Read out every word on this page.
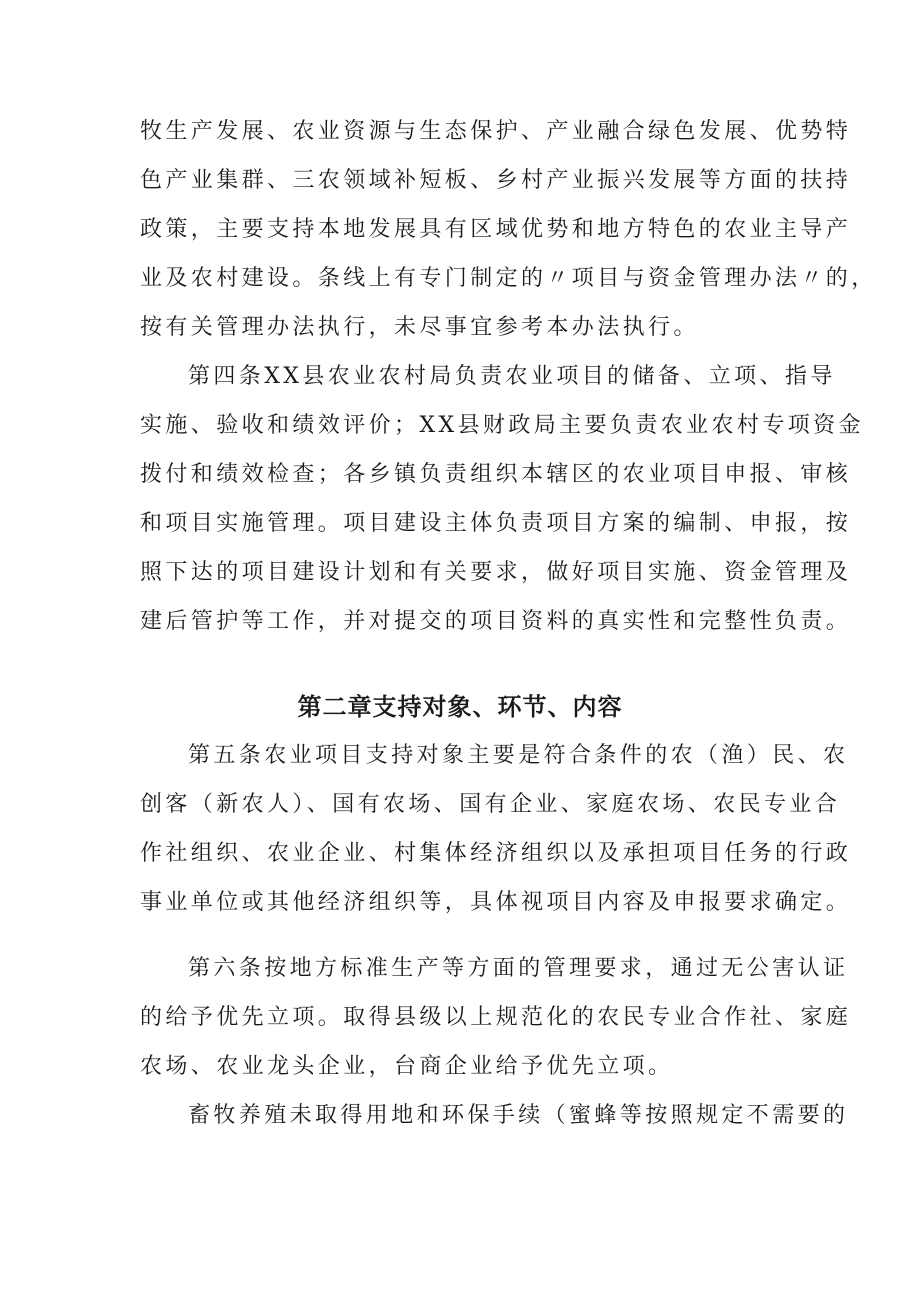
牧生产发展、农业资源与生态保护、产业融合绿色发展、优势特
色产业集群、三农领域补短板、乡村产业振兴发展等方面的扶持
政策，主要支持本地发展具有区域优势和地方特色的农业主导产
业及农村建设。条线上有专门制定的〃项目与资金管理办法〃的，
按有关管理办法执行，未尽事宜参考本办法执行。
第四条XX县农业农村局负责农业项目的储备、立项、指导
实施、验收和绩效评价；XX县财政局主要负责农业农村专项资金
拨付和绩效检查；各乡镇负责组织本辖区的农业项目申报、审核
和项目实施管理。项目建设主体负责项目方案的编制、申报，按
照下达的项目建设计划和有关要求，做好项目实施、资金管理及
建后管护等工作，并对提交的项目资料的真实性和完整性负责。
第二章支持对象、环节、内容
第五条农业项目支持对象主要是符合条件的农（渔）民、农
创客（新农人）、国有农场、国有企业、家庭农场、农民专业合
作社组织、农业企业、村集体经济组织以及承担项目任务的行政
事业单位或其他经济组织等，具体视项目内容及申报要求确定。
第六条按地方标准生产等方面的管理要求，通过无公害认证
的给予优先立项。取得县级以上规范化的农民专业合作社、家庭
农场、农业龙头企业，台商企业给予优先立项。
畜牧养殖未取得用地和环保手续（蜜蜂等按照规定不需要的
